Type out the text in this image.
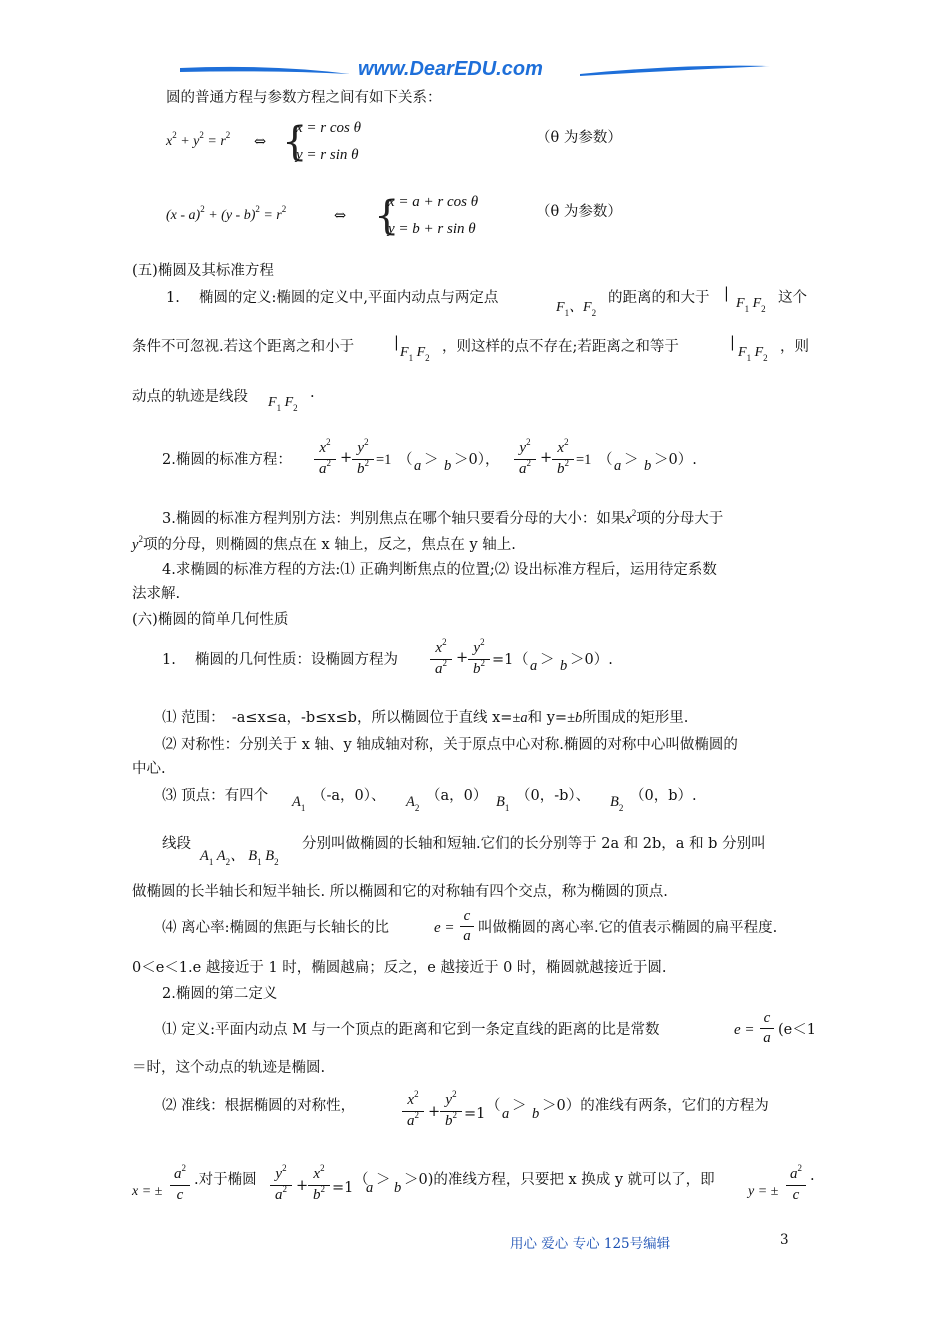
www.DearEDU.com
圆的普通方程与参数方程之间有如下关系：
$x^2 + y^2 = r^2$ ⇔ {
x = r cos θ
y = r sin θ
（θ 为参数）
$(x - a)^2 + (y - b)^2 = r^2$	⇔ {
x = a + r cos θ
y = b + r sin θ
（θ 为参数）
(五)椭圆及其标准方程
1.　 椭圆的定义:椭圆的定义中,平面内动点与两定点
$F_1$、$F_2$
的距离的和大于 |
$F_1$ $F_2$
这个
条件不可忽视.若这个距离之和小于	|
$F_1$ $F_2$
，则这样的点不存在;若距离之和等于	|
$F_1$ $F_2$
，则
动点的轨迹是线段 $F_1$ $F_2$
.
2.椭圆的标准方程：
$x^2$
$a^2$ +
$y^2$
$b^2 =1$ （ a ＞ b ＞0），
$y^2$
$a^2$ +
$x^2$
$b^2 =1$ （ a ＞ b ＞0）.
3.椭圆的标准方程判别方法：判别焦点在哪个轴只要看分母的大小：如果$x^2$项的分母大于
$y^2$项的分母，则椭圆的焦点在 x 轴上，反之，焦点在 y 轴上.
4.求椭圆的标准方程的方法:⑴ 正确判断焦点的位置;⑵ 设出标准方程后，运用待定系数
法求解.
(六)椭圆的简单几何性质
1.　 椭圆的几何性质：设椭圆方程为
$x^2$
$a^2$ +
$y^2$
$b^2 =1$ （ a ＞ b ＞0）.
⑴ 范围：　-a≤x≤a，-b≤x≤b，所以椭圆位于直线 x=±a和 y=±b所围成的矩形里.
⑵ 对称性：分别关于 x 轴、y 轴成轴对称，关于原点中心对称.椭圆的对称中心叫做椭圆的
中心.
⑶ 顶点：有四个 $A_1$
（-a，0）、 $A_2$
（a，0） $B_1$
（0，-b）、 $B_2$
（0，b）.
线段
$A_1$ $A_2$、 $B_1$ $B_2$
分别叫做椭圆的长轴和短轴.它们的长分别等于 2a 和 2b，a 和 b 分别叫
做椭圆的长半轴长和短半轴长. 所以椭圆和它的对称轴有四个交点，称为椭圆的顶点.
⑷ 离心率:椭圆的焦距与长轴长的比	e =
c
a 叫做椭圆的离心率.它的值表示椭圆的扁平程度.
0＜e＜1.e 越接近于 1 时，椭圆越扁；反之，e 越接近于 0 时，椭圆就越接近于圆.
2.椭圆的第二定义
⑴ 定义:平面内动点 M 与一个顶点的距离和它到一条定直线的距离的比是常数	e =
c
a (e＜1
＝时，这个动点的轨迹是椭圆.
⑵ 准线：根据椭圆的对称性，	$x^2$
$a^2$ +
$y^2$
$b^2 =1$ （ a ＞ b ＞0）的准线有两条，它们的方程为
x = ±
$a^2$
c
.对于椭圆	$y^2$
$a^2$ +
$x^2$
$b^2 =1$ （
a ＞ b ＞0)的准线方程，只要把 x 换成 y 就可以了，即
y = ±
$a^2$
c
.
用心 爱心 专心 125号编辑	3
